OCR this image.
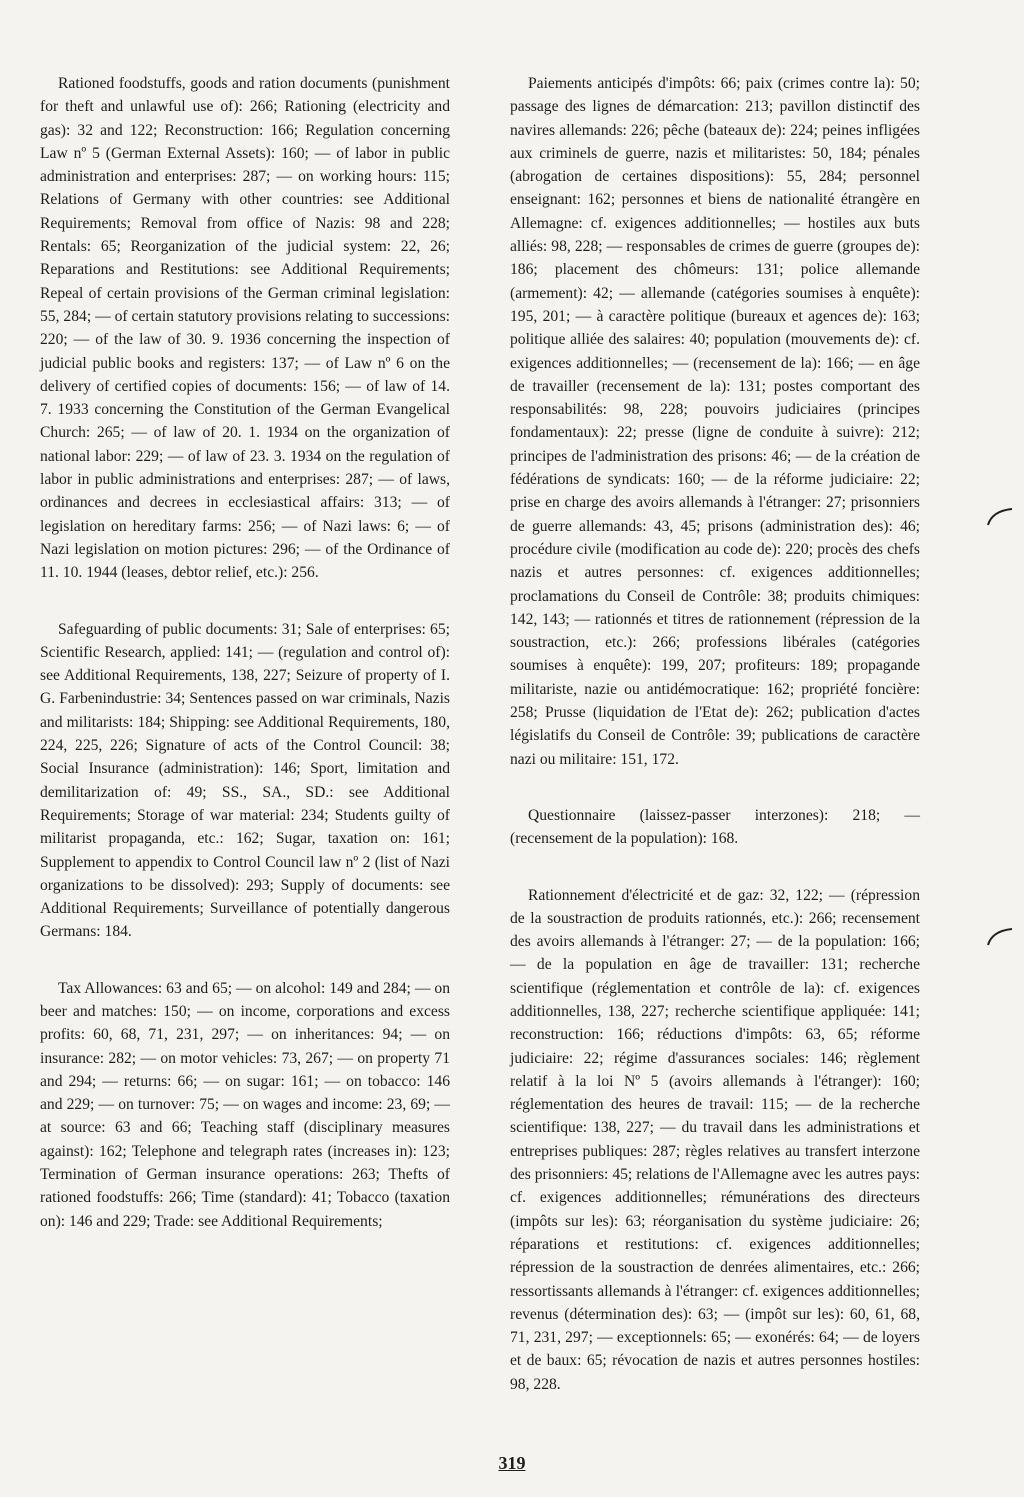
Rationed foodstuffs, goods and ration documents (punishment for theft and unlawful use of): 266; Rationing (electricity and gas): 32 and 122; Reconstruction: 166; Regulation concerning Law nº 5 (German External Assets): 160; — of labor in public administration and enterprises: 287; — on working hours: 115; Relations of Germany with other countries: see Additional Requirements; Removal from office of Nazis: 98 and 228; Rentals: 65; Reorganization of the judicial system: 22, 26; Reparations and Restitutions: see Additional Requirements; Repeal of certain provisions of the German criminal legislation: 55, 284; — of certain statutory provisions relating to successions: 220; — of the law of 30. 9. 1936 concerning the inspection of judicial public books and registers: 137; — of Law nº 6 on the delivery of certified copies of documents: 156; — of law of 14. 7. 1933 concerning the Constitution of the German Evangelical Church: 265; — of law of 20. 1. 1934 on the organization of national labor: 229; — of law of 23. 3. 1934 on the regulation of labor in public administrations and enterprises: 287; — of laws, ordinances and decrees in ecclesiastical affairs: 313; — of legislation on hereditary farms: 256; — of Nazi laws: 6; — of Nazi legislation on motion pictures: 296; — of the Ordinance of 11. 10. 1944 (leases, debtor relief, etc.): 256.

Safeguarding of public documents: 31; Sale of enterprises: 65; Scientific Research, applied: 141; — (regulation and control of): see Additional Requirements, 138, 227; Seizure of property of I. G. Farbenindustrie: 34; Sentences passed on war criminals, Nazis and militarists: 184; Shipping: see Additional Requirements, 180, 224, 225, 226; Signature of acts of the Control Council: 38; Social Insurance (administration): 146; Sport, limitation and demilitarization of: 49; SS., SA., SD.: see Additional Requirements; Storage of war material: 234; Students guilty of militarist propaganda, etc.: 162; Sugar, taxation on: 161; Supplement to appendix to Control Council law nº 2 (list of Nazi organizations to be dissolved): 293; Supply of documents: see Additional Requirements; Surveillance of potentially dangerous Germans: 184.

Tax Allowances: 63 and 65; — on alcohol: 149 and 284; — on beer and matches: 150; — on income, corporations and excess profits: 60, 68, 71, 231, 297; — on inheritances: 94; — on insurance: 282; — on motor vehicles: 73, 267; — on property 71 and 294; — returns: 66; — on sugar: 161; — on tobacco: 146 and 229; — on turnover: 75; — on wages and income: 23, 69; — at source: 63 and 66; Teaching staff (disciplinary measures against): 162; Telephone and telegraph rates (increases in): 123; Termination of German insurance operations: 263; Thefts of rationed foodstuffs: 266; Time (standard): 41; Tobacco (taxation on): 146 and 229; Trade: see Additional Requirements;

Paiements anticipés d'impôts: 66; paix (crimes contre la): 50; passage des lignes de démarcation: 213; pavillon distinctif des navires allemands: 226; pêche (bateaux de): 224; peines infligées aux criminels de guerre, nazis et militaristes: 50, 184; pénales (abrogation de certaines dispositions): 55, 284; personnel enseignant: 162; personnes et biens de nationalité étrangère en Allemagne: cf. exigences additionnelles; — hostiles aux buts alliés: 98, 228; — responsables de crimes de guerre (groupes de): 186; placement des chômeurs: 131; police allemande (armement): 42; — allemande (catégories soumises à enquête): 195, 201; — à caractère politique (bureaux et agences de): 163; politique alliée des salaires: 40; population (mouvements de): cf. exigences additionnelles; — (recensement de la): 166; — en âge de travailler (recensement de la): 131; postes comportant des responsabilités: 98, 228; pouvoirs judiciaires (principes fondamentaux): 22; presse (ligne de conduite à suivre): 212; principes de l'administration des prisons: 46; — de la création de fédérations de syndicats: 160; — de la réforme judiciaire: 22; prise en charge des avoirs allemands à l'étranger: 27; prisonniers de guerre allemands: 43, 45; prisons (administration des): 46; procédure civile (modification au code de): 220; procès des chefs nazis et autres personnes: cf. exigences additionnelles; proclamations du Conseil de Contrôle: 38; produits chimiques: 142, 143; — rationnés et titres de rationnement (répression de la soustraction, etc.): 266; professions libérales (catégories soumises à enquête): 199, 207; profiteurs: 189; propagande militariste, nazie ou antidémocratique: 162; propriété foncière: 258; Prusse (liquidation de l'Etat de): 262; publication d'actes législatifs du Conseil de Contrôle: 39; publications de caractère nazi ou militaire: 151, 172.

Questionnaire (laissez-passer interzones): 218; — (recensement de la population): 168.

Rationnement d'électricité et de gaz: 32, 122; — (répression de la soustraction de produits rationnés, etc.): 266; recensement des avoirs allemands à l'étranger: 27; — de la population: 166; — de la population en âge de travailler: 131; recherche scientifique (réglementation et contrôle de la): cf. exigences additionnelles, 138, 227; recherche scientifique appliquée: 141; reconstruction: 166; réductions d'impôts: 63, 65; réforme judiciaire: 22; régime d'assurances sociales: 146; règlement relatif à la loi Nº 5 (avoirs allemands à l'étranger): 160; réglementation des heures de travail: 115; — de la recherche scientifique: 138, 227; — du travail dans les administrations et entreprises publiques: 287; règles relatives au transfert interzone des prisonniers: 45; relations de l'Allemagne avec les autres pays: cf. exigences additionnelles; rémunérations des directeurs (impôts sur les): 63; réorganisation du système judiciaire: 26; réparations et restitutions: cf. exigences additionnelles; répression de la soustraction de denrées alimentaires, etc.: 266; ressortissants allemands à l'étranger: cf. exigences additionnelles; revenus (détermination des): 63; — (impôt sur les): 60, 61, 68, 71, 231, 297; — exceptionnels: 65; — exonérés: 64; — de loyers et de baux: 65; révocation de nazis et autres personnes hostiles: 98, 228.

319
